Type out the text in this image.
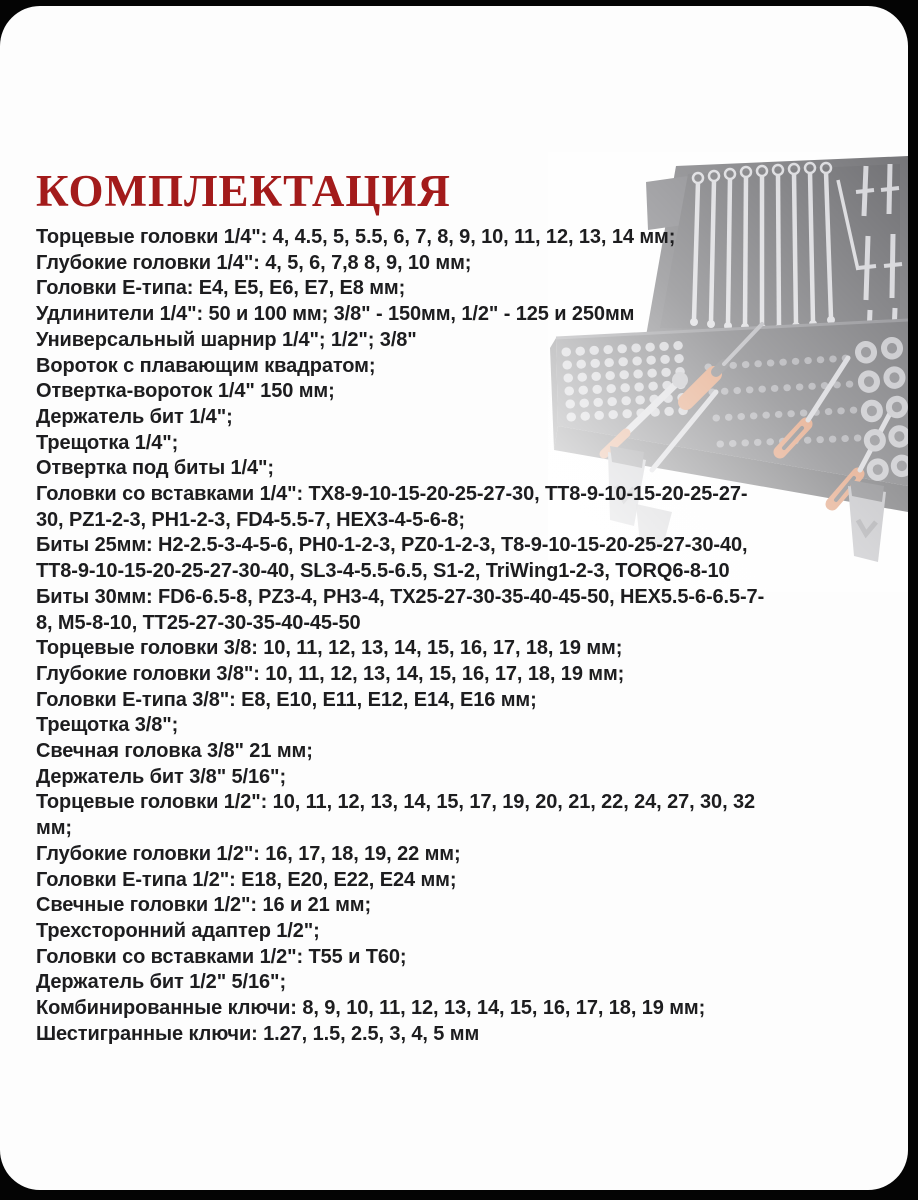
КОМПЛЕКТАЦИЯ

Торцевые головки 1/4": 4, 4.5, 5, 5.5, 6, 7, 8, 9, 10, 11, 12, 13, 14 мм;

Глубокие головки 1/4": 4, 5, 6, 7,8 8, 9, 10 мм;

Головки Е-типа: E4, E5, E6, E7, E8 мм;

Удлинители 1/4": 50 и 100 мм; 3/8" - 150мм, 1/2" - 125 и 250мм

Универсальный шарнир 1/4"; 1/2"; 3/8"

Вороток с плавающим квадратом;

Отвертка-вороток 1/4" 150 мм;

Держатель бит 1/4";

Трещотка 1/4";

Отвертка под биты 1/4";

Головки со вставками 1/4": TX8-9-10-15-20-25-27-30, TT8-9-10-15-20-25-27-30, PZ1-2-3, PH1-2-3, FD4-5.5-7, HEX3-4-5-6-8;

Биты 25мм: H2-2.5-3-4-5-6, PH0-1-2-3, PZ0-1-2-3, T8-9-10-15-20-25-27-30-40, TT8-9-10-15-20-25-27-30-40, SL3-4-5.5-6.5, S1-2, TriWing1-2-3, TORQ6-8-10

Биты 30мм: FD6-6.5-8, PZ3-4, PH3-4, TX25-27-30-35-40-45-50, HEX5.5-6-6.5-7-8, M5-8-10, TT25-27-30-35-40-45-50

Торцевые головки 3/8: 10, 11, 12, 13, 14, 15, 16, 17, 18, 19 мм;

Глубокие головки 3/8": 10, 11, 12, 13, 14, 15, 16, 17, 18, 19 мм;

Головки Е-типа 3/8": E8, E10, E11, E12, E14, E16 мм;

Трещотка 3/8";

Свечная головка 3/8" 21 мм;

Держатель бит 3/8" 5/16";

Торцевые головки 1/2": 10, 11, 12, 13, 14, 15, 17, 19, 20, 21, 22, 24, 27, 30, 32 мм;

Глубокие головки 1/2": 16, 17, 18, 19, 22 мм;

Головки Е-типа 1/2": E18, E20, E22, E24 мм;

Свечные головки 1/2": 16 и 21 мм;

Трехсторонний адаптер 1/2";

Головки со вставками 1/2": T55 и T60;

Держатель бит 1/2" 5/16";

Комбинированные ключи: 8, 9, 10, 11, 12, 13, 14, 15, 16, 17, 18, 19 мм;

Шестигранные ключи: 1.27, 1.5, 2.5, 3, 4, 5 мм
